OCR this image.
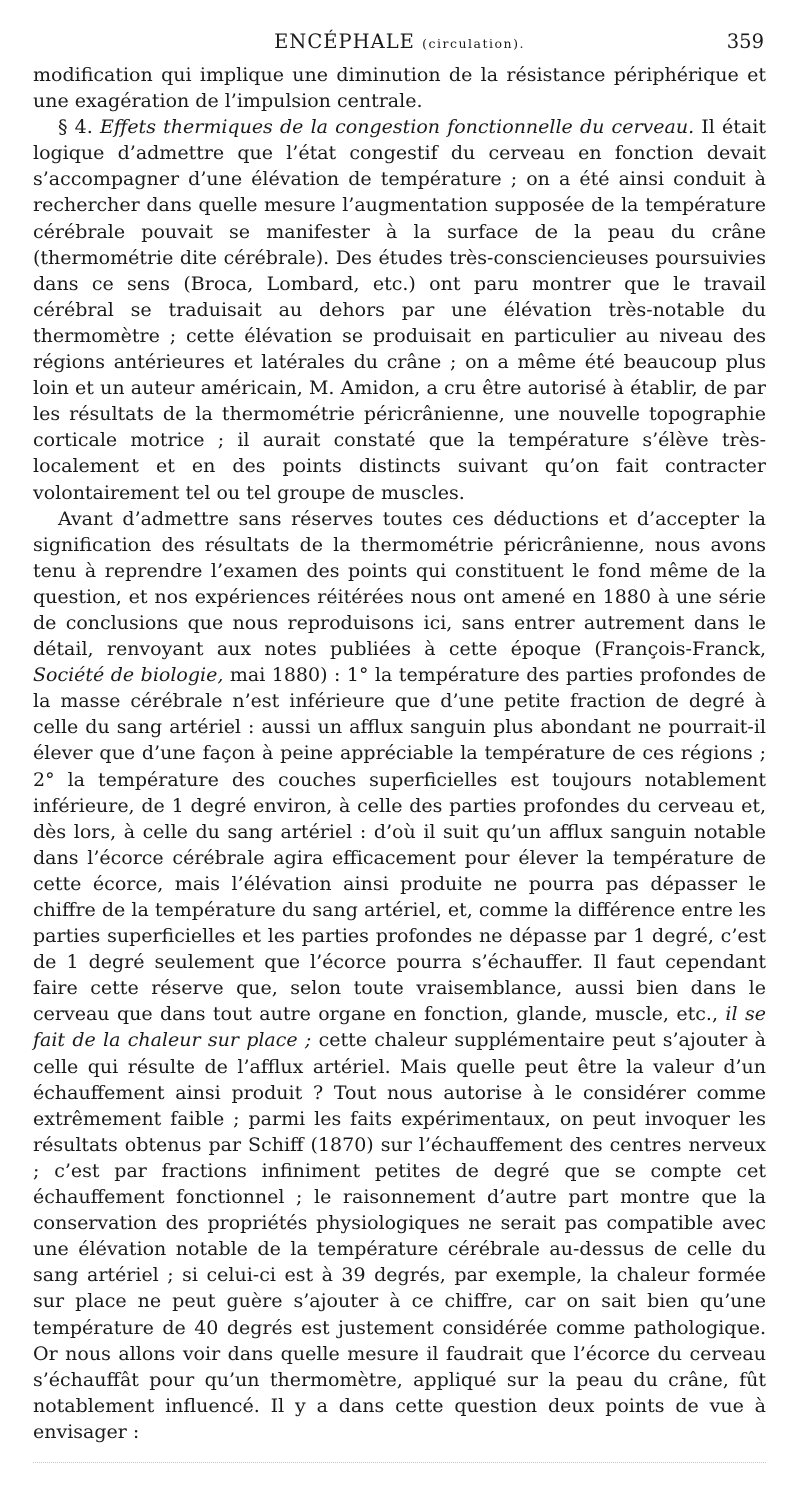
ENCÉPHALE (circulation).	359

modification qui implique une diminution de la résistance périphérique et une exagération de l’impulsion centrale.

§ 4. Effets thermiques de la congestion fonctionnelle du cerveau. Il était logique d’admettre que l’état congestif du cerveau en fonction devait s’accompagner d’une élévation de température ; on a été ainsi conduit à rechercher dans quelle mesure l’augmentation supposée de la température cérébrale pouvait se manifester à la surface de la peau du crâne (thermométrie dite cérébrale). Des études très-consciencieuses poursuivies dans ce sens (Broca, Lombard, etc.) ont paru montrer que le travail cérébral se traduisait au dehors par une élévation très-notable du thermomètre ; cette élévation se produisait en particulier au niveau des régions antérieures et latérales du crâne ; on a même été beaucoup plus loin et un auteur américain, M. Amidon, a cru être autorisé à établir, de par les résultats de la thermométrie péricrânienne, une nouvelle topographie corticale motrice ; il aurait constaté que la température s’élève très-localement et en des points distincts suivant qu’on fait contracter volontairement tel ou tel groupe de muscles.

Avant d’admettre sans réserves toutes ces déductions et d’accepter la signification des résultats de la thermométrie péricrânienne, nous avons tenu à reprendre l’examen des points qui constituent le fond même de la question, et nos expériences réitérées nous ont amené en 1880 à une série de conclusions que nous reproduisons ici, sans entrer autrement dans le détail, renvoyant aux notes publiées à cette époque (François-Franck, Société de biologie, mai 1880) : 1° la température des parties profondes de la masse cérébrale n’est inférieure que d’une petite fraction de degré à celle du sang artériel : aussi un afflux sanguin plus abondant ne pourrait-il élever que d’une façon à peine appréciable la température de ces régions ; 2° la température des couches superficielles est toujours notablement inférieure, de 1 degré environ, à celle des parties profondes du cerveau et, dès lors, à celle du sang artériel : d’où il suit qu’un afflux sanguin notable dans l’écorce cérébrale agira efficacement pour élever la température de cette écorce, mais l’élévation ainsi produite ne pourra pas dépasser le chiffre de la température du sang artériel, et, comme la différence entre les parties superficielles et les parties profondes ne dépasse par 1 degré, c’est de 1 degré seulement que l’écorce pourra s’échauffer. Il faut cependant faire cette réserve que, selon toute vraisemblance, aussi bien dans le cerveau que dans tout autre organe en fonction, glande, muscle, etc., il se fait de la chaleur sur place ; cette chaleur supplémentaire peut s’ajouter à celle qui résulte de l’afflux artériel. Mais quelle peut être la valeur d’un échauffement ainsi produit ? Tout nous autorise à le considérer comme extrêmement faible ; parmi les faits expérimentaux, on peut invoquer les résultats obtenus par Schiff (1870) sur l’échauffement des centres nerveux ; c’est par fractions infiniment petites de degré que se compte cet échauffement fonctionnel ; le raisonnement d’autre part montre que la conservation des propriétés physiologiques ne serait pas compatible avec une élévation notable de la température cérébrale au-dessus de celle du sang artériel ; si celui-ci est à 39 degrés, par exemple, la chaleur formée sur place ne peut guère s’ajouter à ce chiffre, car on sait bien qu’une température de 40 degrés est justement considérée comme pathologique. Or nous allons voir dans quelle mesure il faudrait que l’écorce du cerveau s’échauffât pour qu’un thermomètre, appliqué sur la peau du crâne, fût notablement influencé. Il y a dans cette question deux points de vue à envisager :
